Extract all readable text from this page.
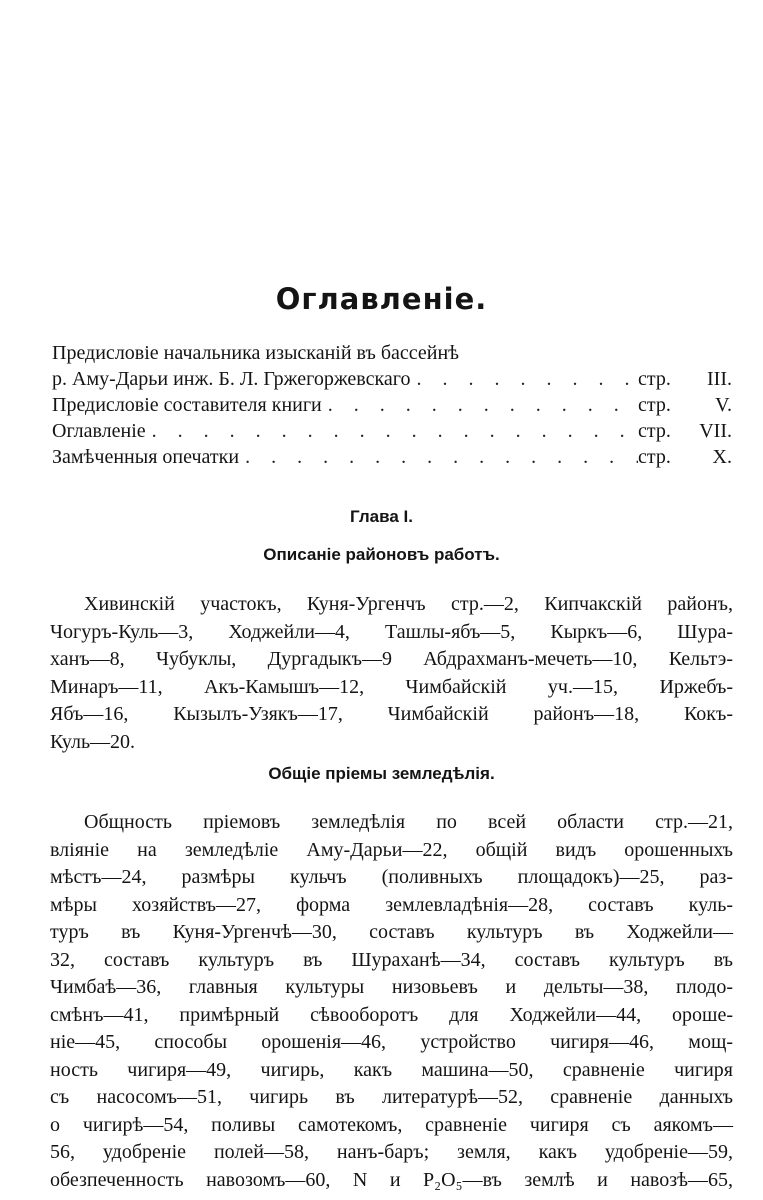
Оглавленіе.
Предисловіе начальника изысканій въ бассейнѣ
р. Аму-Дарьи инж. Б. Л. Гржегоржевскаго . . .	стр. III.
Предисловіе составителя книги . . .	стр. V.
Оглавленіе . . .	стр. VII.
Замѣченныя опечатки . . .	стр. X.
Глава I.
Описаніе районовъ работъ.
Хивинскій участокъ, Куня-Ургенчъ стр.—2, Кипчакскій районъ,
Чогуръ-Куль—3, Ходжейли—4, Ташлы-ябъ—5, Кыркъ—6, Шура-
ханъ—8, Чубуклы, Дургадыкъ—9 Абдрахманъ-мечеть—10, Кельтэ-
Минаръ—11, Акъ-Камышъ—12, Чимбайскій уч.—15, Иржебъ-
Ябъ—16, Кызылъ-Узякъ—17, Чимбайскій районъ—18, Кокъ-
Куль—20.
Общіе пріемы земледѣлія.
Общность пріемовъ земледѣлія по всей области стр.—21,
вліяніе на земледѣліе Аму-Дарьи—22, общій видъ орошенныхъ
мѣстъ—24, размѣры кульчъ (поливныхъ площадокъ)—25, раз-
мѣры хозяйствъ—27, форма землевладѣнія—28, составъ куль-
туръ въ Куня-Ургенчѣ—30, составъ культуръ въ Ходжейли—
32, составъ культуръ въ Шураханѣ—34, составъ культуръ въ
Чимбаѣ—36, главныя культуры низовьевъ и дельты—38, плодо-
смѣнъ—41, примѣрный сѣвооборотъ для Ходжейли—44, ороше-
ніе—45, способы орошенія—46, устройство чигиря—46, мощ-
ность чигиря—49, чигирь, какъ машина—50, сравненіе чигиря
съ насосомъ—51, чигирь въ литературѣ—52, сравненіе данныхъ
о чигирѣ—54, поливы самотекомъ, сравненіе чигиря съ аякомъ—
56, удобреніе полей—58, нанъ-баръ; земля, какъ удобреніе—59,
обезпеченность навозомъ—60, N и P₂O₅—въ землѣ и навозѣ—65,
